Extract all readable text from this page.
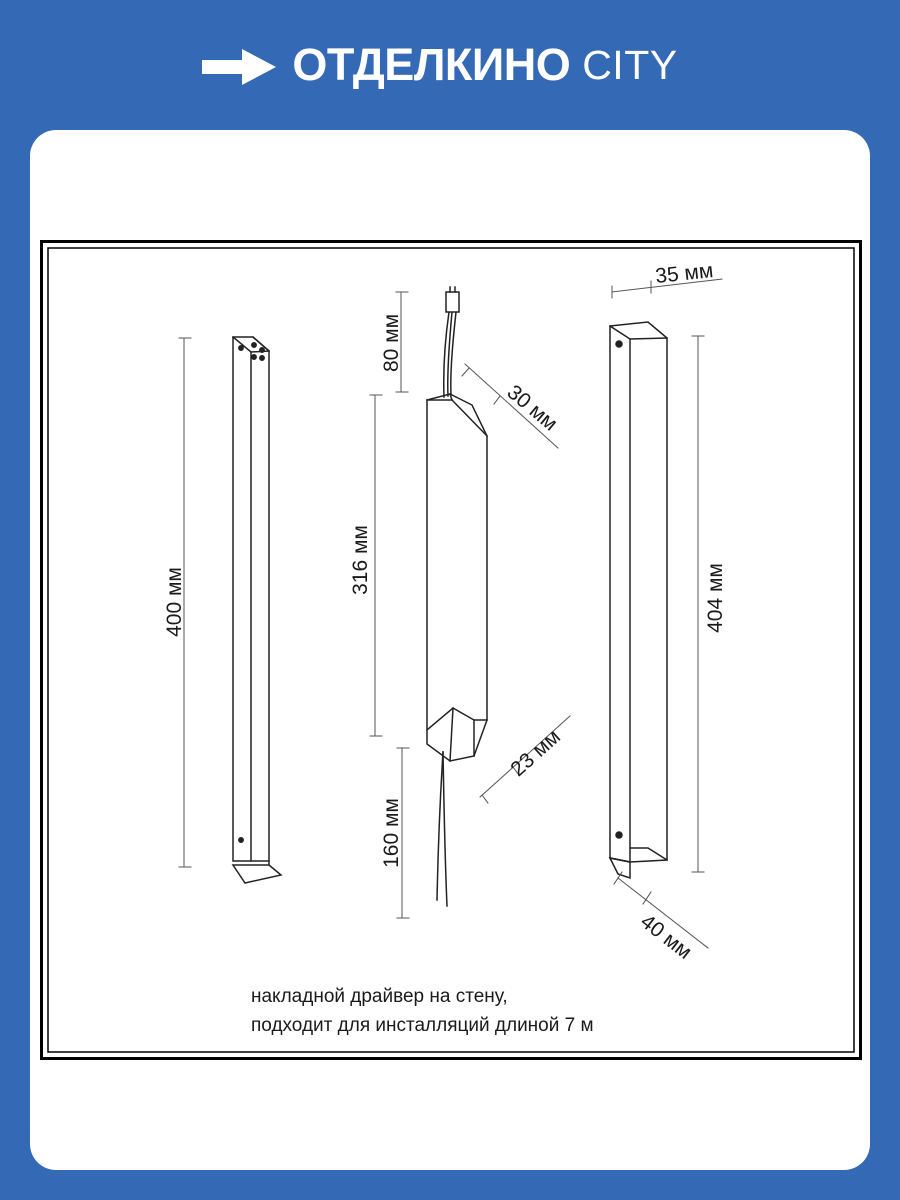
ОТДЕЛКИНО CITY
400 мм
80 мм
316 мм
160 мм
30 мм
23 мм
35 мм
404 мм
40 мм
накладной драйвер на стену,
подходит для инсталляций длиной 7 м
